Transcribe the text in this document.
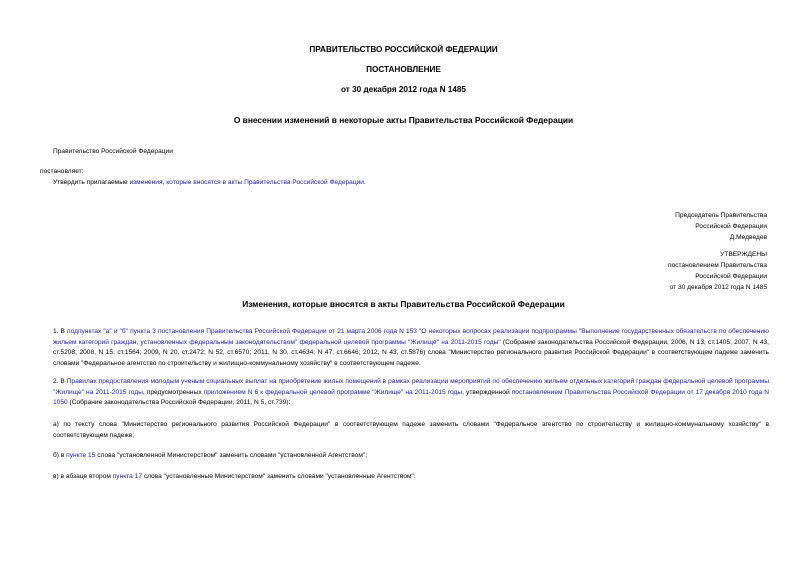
ПРАВИТЕЛЬСТВО РОССИЙСКОЙ ФЕДЕРАЦИИ
ПОСТАНОВЛЕНИЕ
от 30 декабря 2012 года N 1485
О внесении изменений в некоторые акты Правительства Российской Федерации
Правительство Российской Федерации
постановляет:
Утвердить прилагаемые изменения, которые вносятся в акты Правительства Российской Федерации.
Председатель Правительства
Российской Федерации
Д.Медведев
УТВЕРЖДЕНЫ
постановлением Правительства
Российской Федерации
от 30 декабря 2012 года N 1485
Изменения, которые вносятся в акты Правительства Российской Федерации
1. В подпунктах "а" и "б" пункта 3 постановления Правительства Российской Федерации от 21 марта 2006 года N 153 "О некоторых вопросах реализации подпрограммы "Выполнение государственных обязательств по обеспечению жильем категорий граждан, установленных федеральным законодательством" федеральной целевой программы "Жилище" на 2011-2015 годы" (Собрание законодательства Российской Федерации, 2006, N 13, ст.1405; 2007, N 43, ст.5208; 2008, N 15, ст.1564; 2009, N 20, ст.2472; N 52, ст.6570; 2011, N 30, ст.4634; N 47, ст.6646; 2012, N 43, ст.5876) слова "Министерство регионального развития Российской Федерации" в соответствующем падеже заменить словами "Федеральное агентство по строительству и жилищно-коммунальному хозяйству" в соответствующем падеже.
2. В Правилах предоставления молодым ученым социальных выплат на приобретение жилых помещений в рамках реализации мероприятий по обеспечению жильем отдельных категорий граждан федеральной целевой программы "Жилище" на 2011-2015 годы, предусмотренных приложением N 6 к федеральной целевой программе "Жилище" на 2011-2015 годы, утвержденной постановлением Правительства Российской Федерации от 17 декабря 2010 года N 1050 (Собрание законодательства Российской Федерации, 2011, N 5, ст.739):
а) по тексту слова "Министерство регионального развития Российской Федерации" в соответствующем падеже заменить словами "Федеральное агентство по строительству и жилищно-коммунальному хозяйству" в соответствующем падеже;
б) в пункте 15 слова "установленной Министерством" заменить словами "установленной Агентством";
в) в абзаце втором пункта 17 слова "установленные Министерством" заменить словами "установленные Агентством".
